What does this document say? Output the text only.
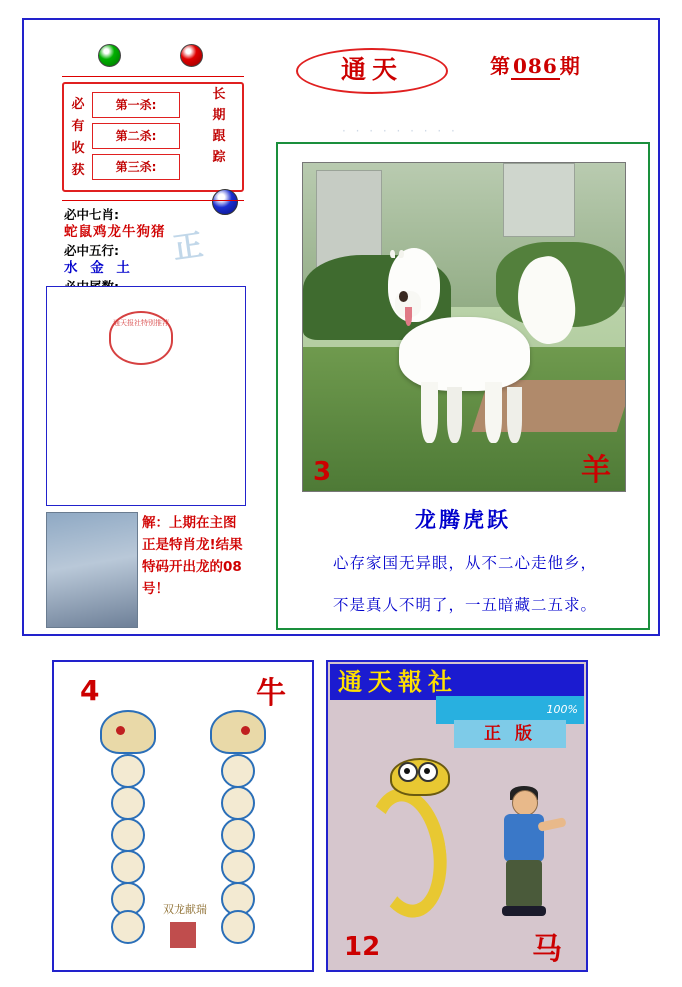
必有收获
第一杀:
第二杀:
第三杀:
长期跟踪
必中七肖:
蛇鼠鸡龙牛狗猪
必中五行:
水 金 土
通天报社特别推荐
正
解：上期在主图正是特肖龙!结果特码开出龙的08号！
通天	第 086 期
· · · · · · · · ·
3	羊
龙腾虎跃
心存家国无异眼，从不二心走他乡，
不是真人不明了，一五暗藏二五求。
4	牛
双龙献瑞
通天報社
100%
正 版
12	马
